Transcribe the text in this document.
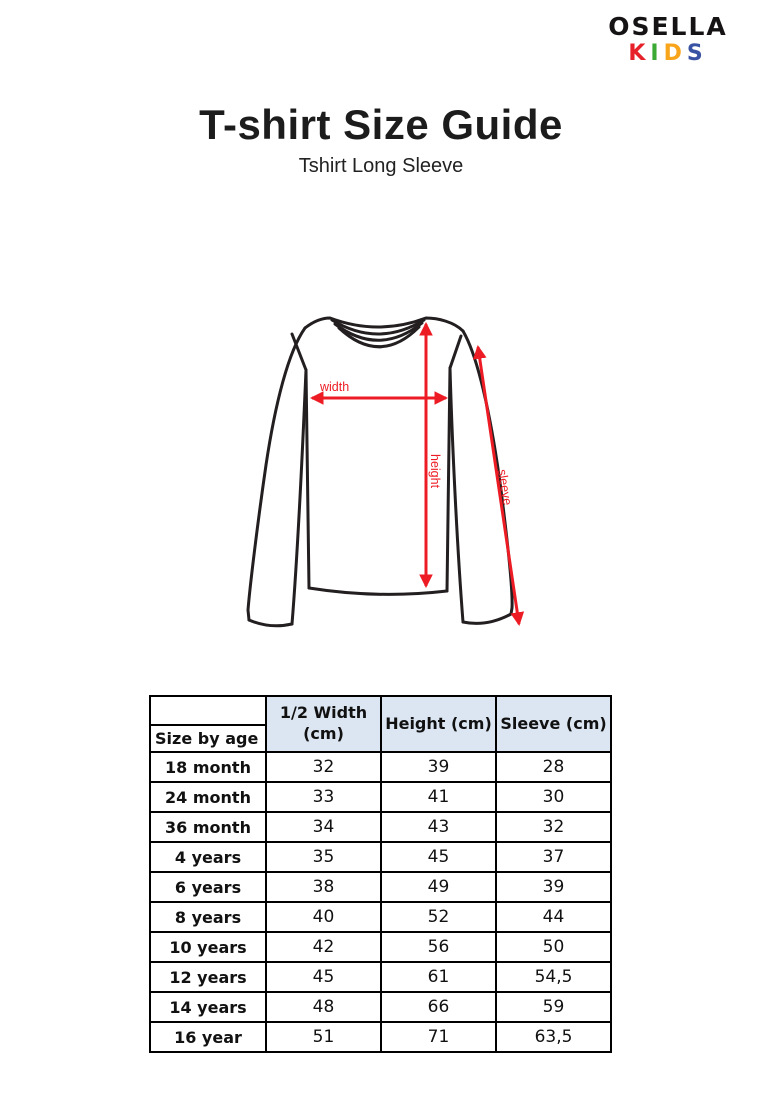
OSELLA
KIDS
T-shirt Size Guide
Tshirt Long Sleeve
width
height	sleeve
	1/2 Width (cm)	Height (cm)	Sleeve (cm)
Size by age			
18 month	32	39	28
24 month	33	41	30
36 month	34	43	32
4 years	35	45	37
6 years	38	49	39
8 years	40	52	44
10 years	42	56	50
12 years	45	61	54,5
14 years	48	66	59
16 year	51	71	63,5
